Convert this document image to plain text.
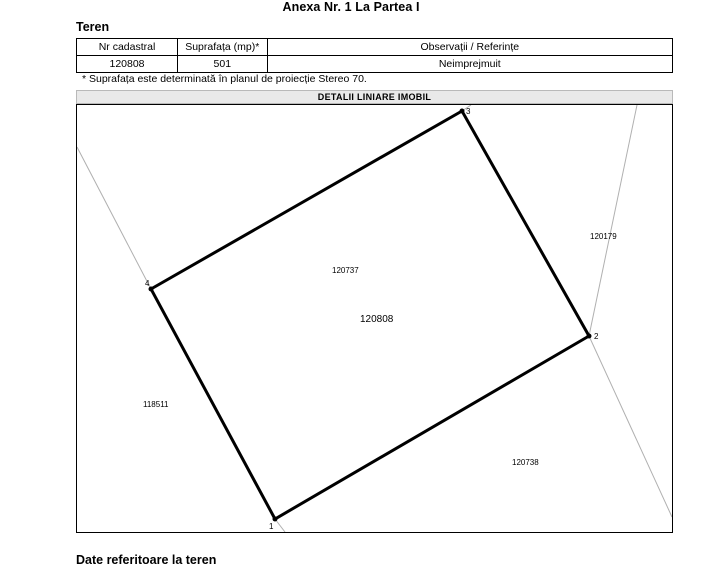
Anexa Nr. 1 La Partea I
Teren
Nr cadastral	Suprafața (mp)*	Observații / Referințe
120808	501	Neimprejmuit
* Suprafața este determinată în planul de proiecție Stereo 70.
DETALII LINIARE IMOBIL
4
3
2
1
120737
120808
120179
118511
120738
Date referitoare la teren
